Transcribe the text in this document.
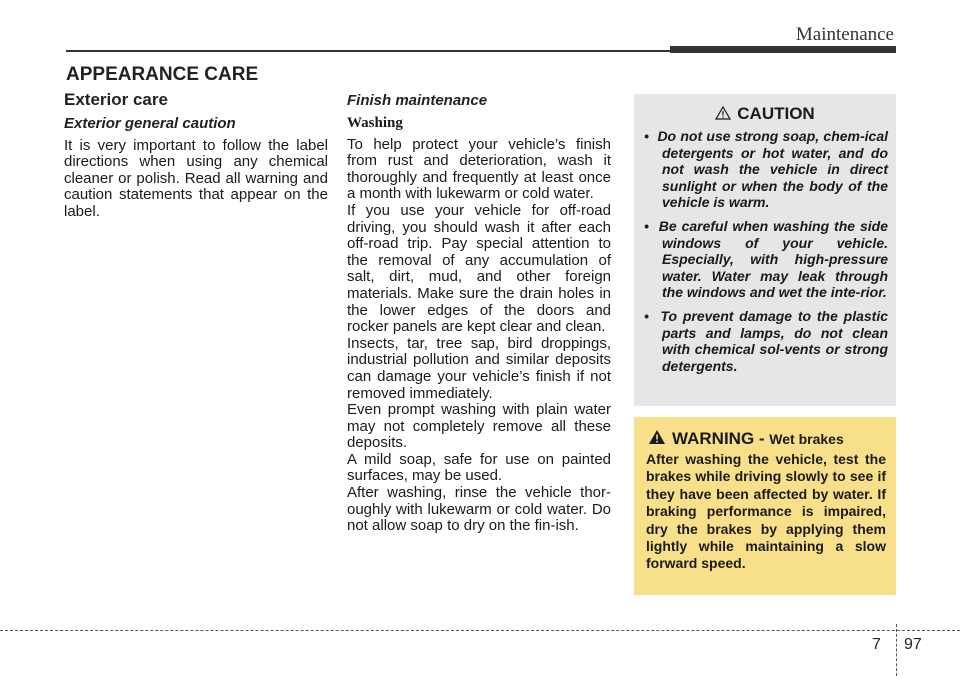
Maintenance
APPEARANCE CARE
Exterior care
Exterior general caution

It is very important to follow the label directions when using any chemical cleaner or polish. Read all warning and caution statements that appear on the label.

Finish maintenance
Washing

To help protect your vehicle’s finish from rust and deterioration, wash it thoroughly and frequently at least once a month with lukewarm or cold water.

If you use your vehicle for off-road driving, you should wash it after each off-road trip. Pay special attention to the removal of any accumulation of salt, dirt, mud, and other foreign materials. Make sure the drain holes in the lower edges of the doors and rocker panels are kept clear and clean.

Insects, tar, tree sap, bird droppings, industrial pollution and similar deposits can damage your vehicle’s finish if not removed immediately.

Even prompt washing with plain water may not completely remove all these deposits.

A mild soap, safe for use on painted surfaces, may be used.

After washing, rinse the vehicle thor-oughly with lukewarm or cold water. Do not allow soap to dry on the fin-ish.

CAUTION
•  Do not use strong soap, chem-ical detergents or hot water, and do not wash the vehicle in direct sunlight or when the body of the vehicle is warm.
•  Be careful when washing the side windows of your vehicle. Especially, with high-pressure water. Water may leak through the windows and wet the inte-rior.
•  To prevent damage to the plastic parts and lamps, do not clean with chemical sol-vents or strong detergents.
WARNING - Wet brakes

After washing the vehicle, test the brakes while driving slowly to see if they have been affected by water. If braking performance is impaired, dry the brakes by applying them lightly while maintaining a slow forward speed.

7 97
